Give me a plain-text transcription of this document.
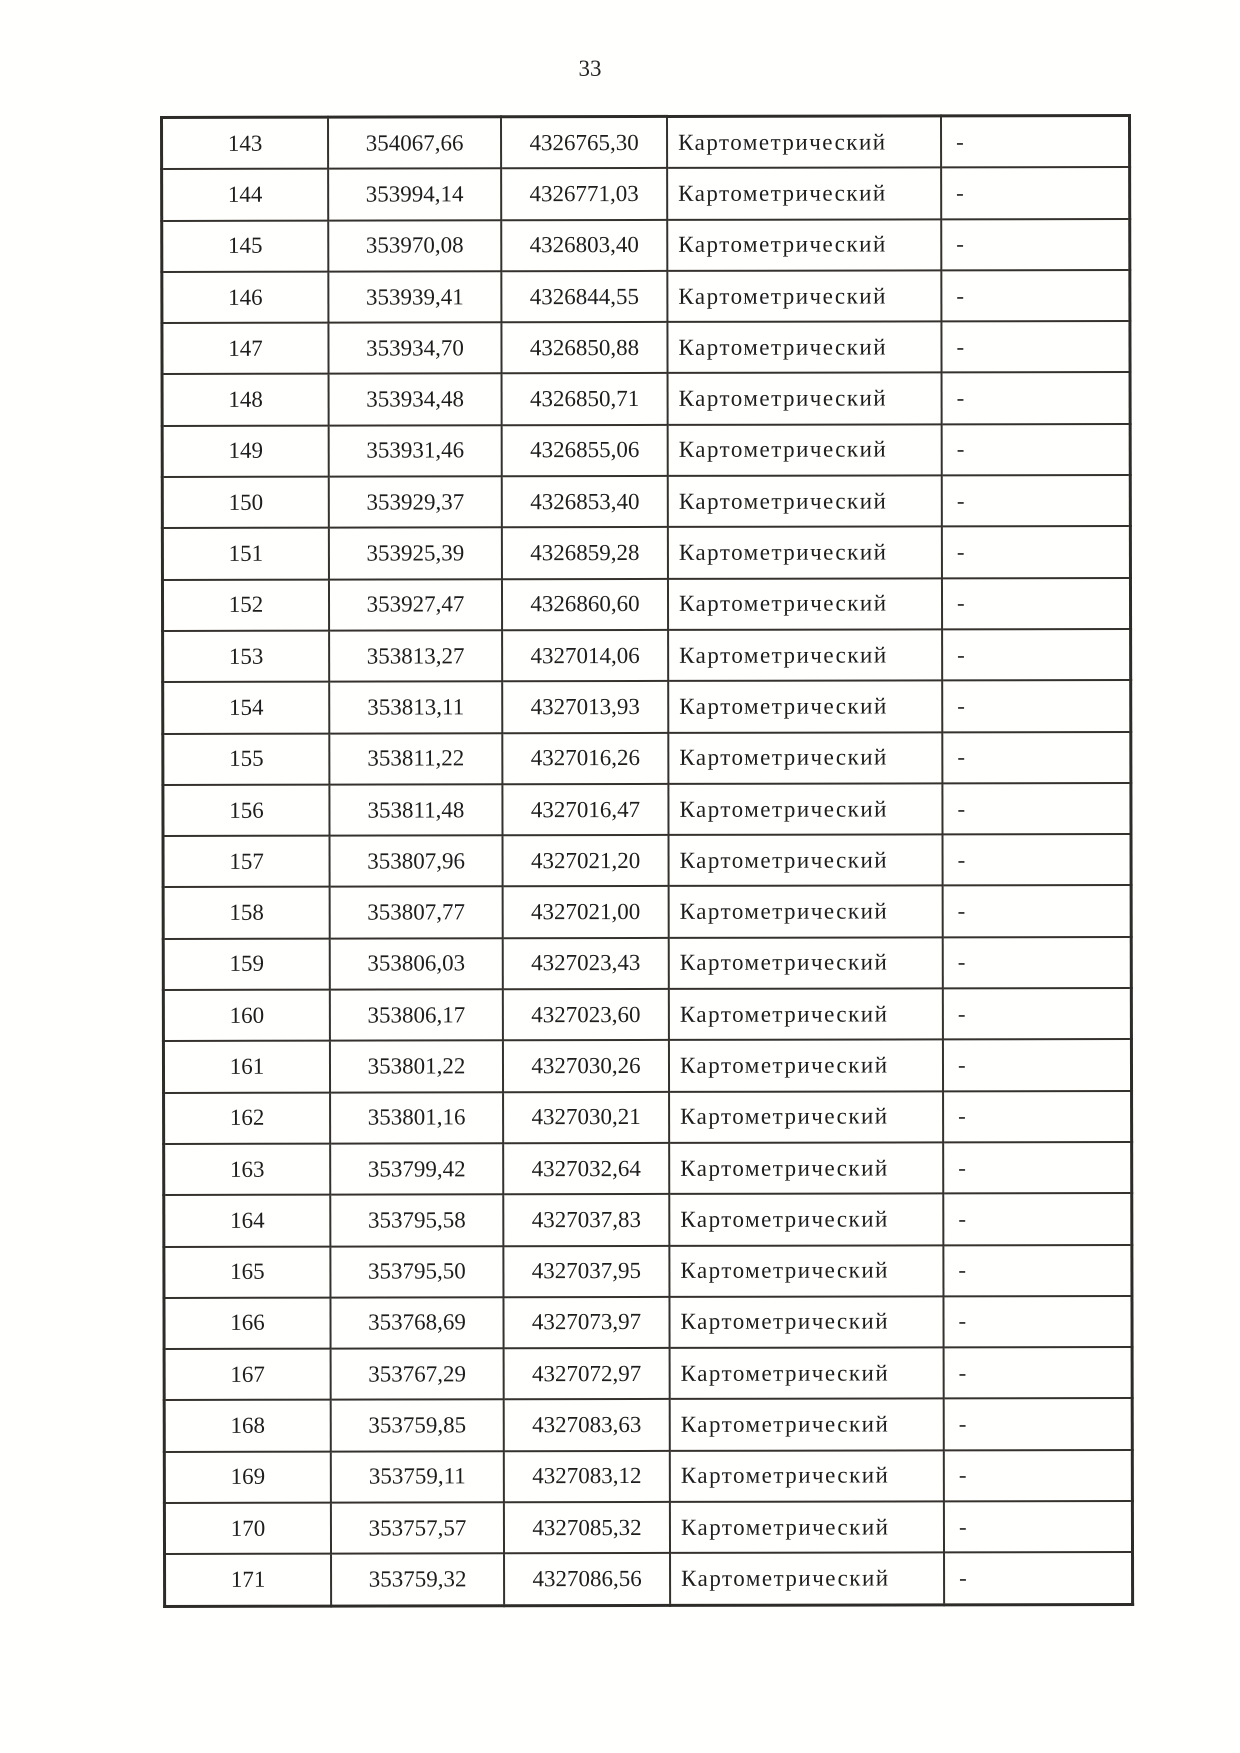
33
143	354067,66	4326765,30	Картометрический	-
144	353994,14	4326771,03	Картометрический	-
145	353970,08	4326803,40	Картометрический	-
146	353939,41	4326844,55	Картометрический	-
147	353934,70	4326850,88	Картометрический	-
148	353934,48	4326850,71	Картометрический	-
149	353931,46	4326855,06	Картометрический	-
150	353929,37	4326853,40	Картометрический	-
151	353925,39	4326859,28	Картометрический	-
152	353927,47	4326860,60	Картометрический	-
153	353813,27	4327014,06	Картометрический	-
154	353813,11	4327013,93	Картометрический	-
155	353811,22	4327016,26	Картометрический	-
156	353811,48	4327016,47	Картометрический	-
157	353807,96	4327021,20	Картометрический	-
158	353807,77	4327021,00	Картометрический	-
159	353806,03	4327023,43	Картометрический	-
160	353806,17	4327023,60	Картометрический	-
161	353801,22	4327030,26	Картометрический	-
162	353801,16	4327030,21	Картометрический	-
163	353799,42	4327032,64	Картометрический	-
164	353795,58	4327037,83	Картометрический	-
165	353795,50	4327037,95	Картометрический	-
166	353768,69	4327073,97	Картометрический	-
167	353767,29	4327072,97	Картометрический	-
168	353759,85	4327083,63	Картометрический	-
169	353759,11	4327083,12	Картометрический	-
170	353757,57	4327085,32	Картометрический	-
171	353759,32	4327086,56	Картометрический	-
